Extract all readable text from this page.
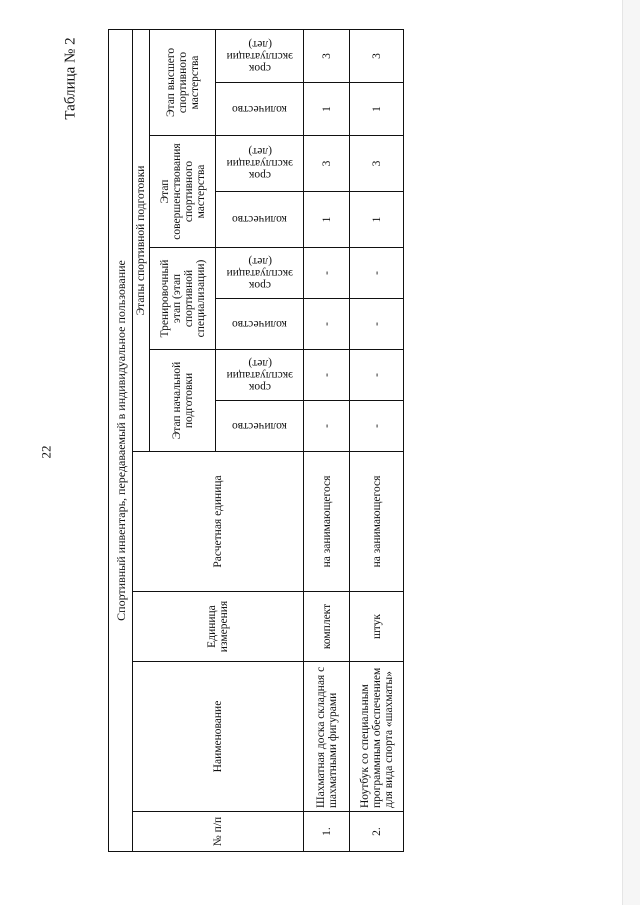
22
Таблица № 2
Спортивный инвентарь, передаваемый в индивидуальное пользование											
№ п/п	Наименование	Единица измерения	Расчетная единица	Этапы спортивной подготовки							
				Этап начальной подготовки		Тренировочный этап (этап спортивной специализации)		Этап совершенствования спортивного мастерства		Этап высшего спортивного мастерства	

				количество	срок эксплуатации (лет)	количество	срок эксплуатации (лет)	количество	срок эксплуатации (лет)	количество	срок эксплуатации (лет)

1.	Шахматная доска складная с шахматными фигурами	комплект	на занимающегося	-	-	-	-	1	3	1	3
2.	Ноутбук со специальным программным обеспечением для вида спорта «шахматы»	штук	на занимающегося	-	-	-	-	1	3	1	3
